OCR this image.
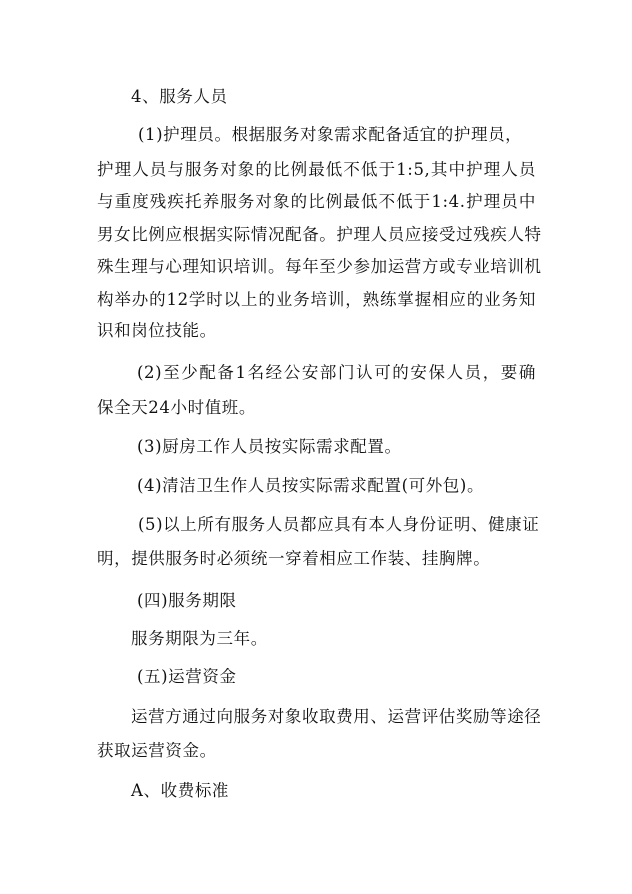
4、服务人员
(1)护理员。根据服务对象需求配备适宜的护理员，
护理人员与服务对象的比例最低不低于1:5,其中护理人员
与重度残疾托养服务对象的比例最低不低于1:4.护理员中
男女比例应根据实际情况配备。护理人员应接受过残疾人特
殊生理与心理知识培训。每年至少参加运营方或专业培训机
构举办的12学时以上的业务培训，熟练掌握相应的业务知
识和岗位技能。
(2)至少配备1名经公安部门认可的安保人员，要确
保全天24小时值班。
(3)厨房工作人员按实际需求配置。
(4)清洁卫生作人员按实际需求配置(可外包)。
(5)以上所有服务人员都应具有本人身份证明、健康证
明，提供服务时必须统一穿着相应工作装、挂胸牌。
(四)服务期限
服务期限为三年。
(五)运营资金
运营方通过向服务对象收取费用、运营评估奖励等途径
获取运营资金。
A、收费标准
